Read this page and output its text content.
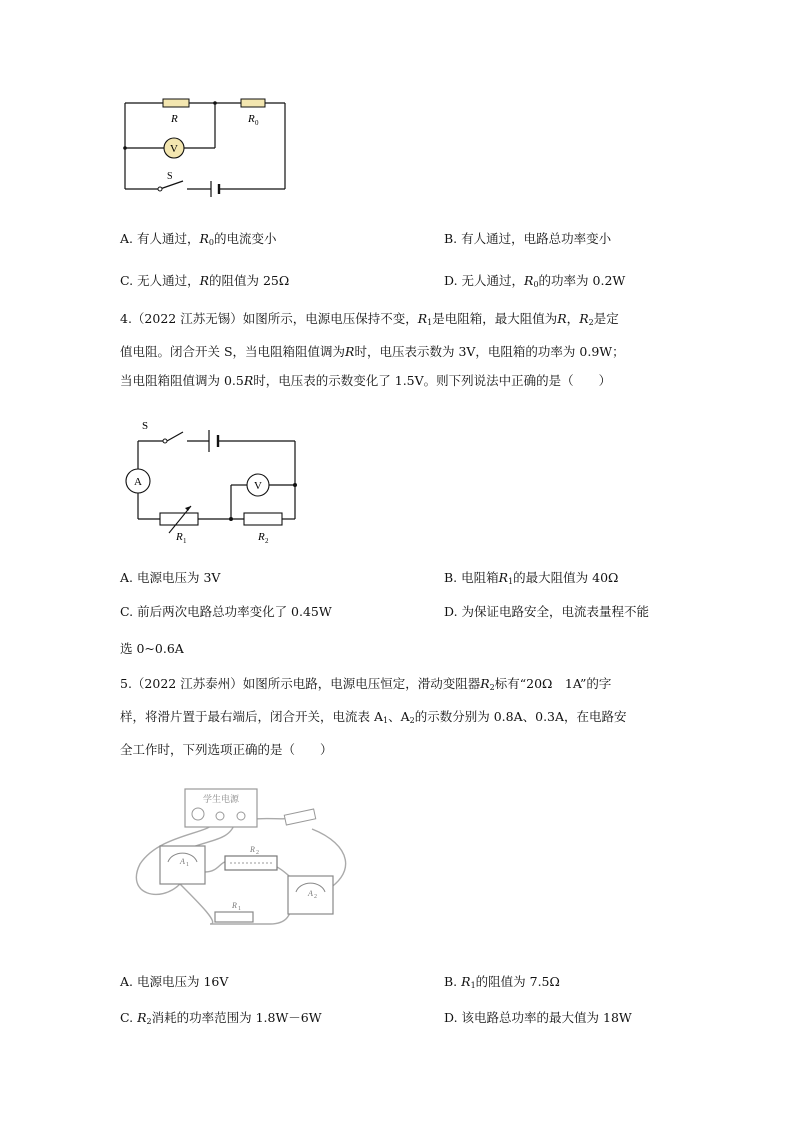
V
R	R 0
S
A. 有人通过，$R_0$的电流变小	B. 有人通过，电路总功率变小
C. 无人通过，R的阻值为 25Ω	D. 无人通过，$R_0$的功率为 0.2W
4.（2022 江苏无锡）如图所示，电源电压保持不变，$R_1$是电阻箱，最大阻值为R，$R_2$是定
值电阻。闭合开关 S，当电阻箱阻值调为R时，电压表示数为 3V，电阻箱的功率为 0.9W；
当电阻箱阻值调为 0.5R时，电压表的示数变化了 1.5V。则下列说法中正确的是（　　）
A	V
S
R 1	R 2
A. 电源电压为 3V	B. 电阻箱$R_1$的最大阻值为 40Ω
C. 前后两次电路总功率变化了 0.45W	D. 为保证电路安全，电流表量程不能
选 0~0.6A
5.（2022 江苏泰州）如图所示电路，电源电压恒定，滑动变阻器$R_2$标有“20Ω　1A”的字
样，将滑片置于最右端后，闭合开关，电流表 $A_1$、$A_2$的示数分别为 0.8A、0.3A，在电路安
全工作时，下列选项正确的是（　　）
学生电源
A 1
R 2
R 1
A 2
A. 电源电压为 16V	B. $R_1$的阻值为 7.5Ω
C. $R_2$消耗的功率范围为 1.8W－6W	D. 该电路总功率的最大值为 18W
